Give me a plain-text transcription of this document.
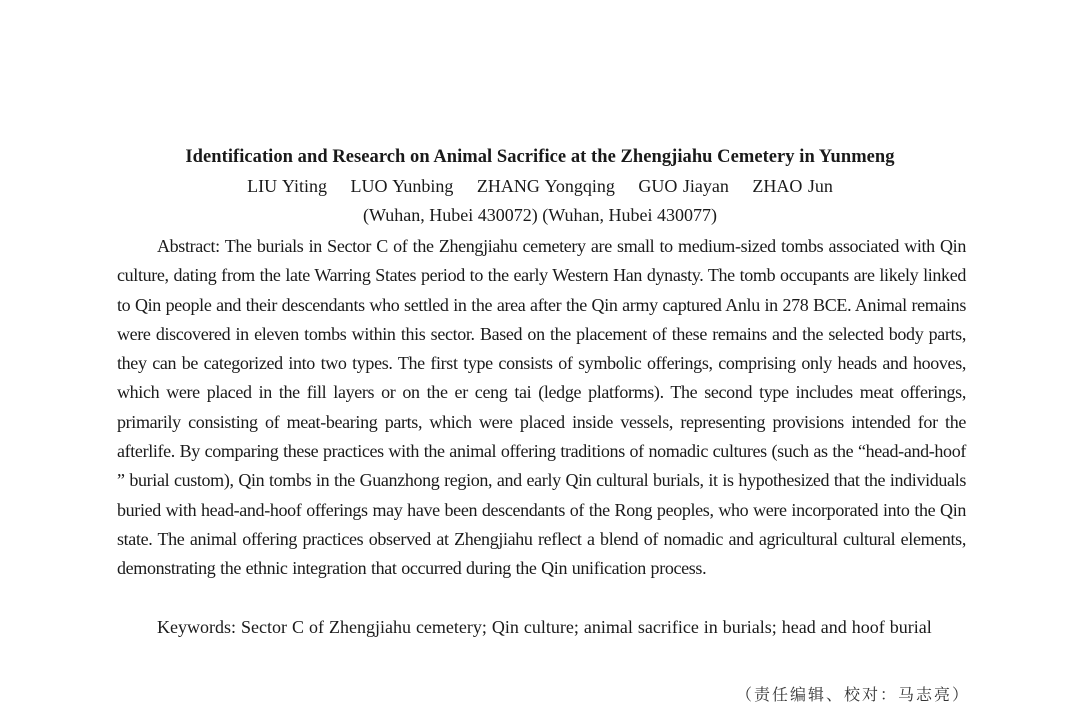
Identification and Research on Animal Sacrifice at the Zhengjiahu Cemetery in Yunmeng
LIU Yiting LUO Yunbing ZHANG Yongqing GUO Jiayan ZHAO Jun
(Wuhan, Hubei 430072) (Wuhan, Hubei 430077)

Abstract: The burials in Sector C of the Zhengjiahu cemetery are small to medium-sized tombs associated with Qin culture, dating from the late Warring States period to the early Western Han dynasty. The tomb occupants are likely linked to Qin people and their descendants who settled in the area after the Qin army captured Anlu in 278 BCE. Animal remains were discovered in eleven tombs within this sector. Based on the placement of these remains and the selected body parts, they can be categorized into two types. The first type consists of symbolic offerings, comprising only heads and hooves, which were placed in the fill layers or on the er ceng tai (ledge platforms). The second type includes meat offerings, primarily consisting of meat-bearing parts, which were placed inside vessels, representing provisions intended for the afterlife. By comparing these practices with the animal offering traditions of nomadic cultures (such as the “head-and-hoof ” burial custom), Qin tombs in the Guanzhong region, and early Qin cultural burials, it is hypothesized that the individuals buried with head-and-hoof offerings may have been descendants of the Rong peoples, who were incorporated into the Qin state. The animal offering practices observed at Zhengjiahu reflect a blend of nomadic and agricultural cultural elements, demonstrating the ethnic integration that occurred during the Qin unification process.

Keywords: Sector C of Zhengjiahu cemetery; Qin culture; animal sacrifice in burials; head and hoof burial

（责任编辑、校对：马志亮）
